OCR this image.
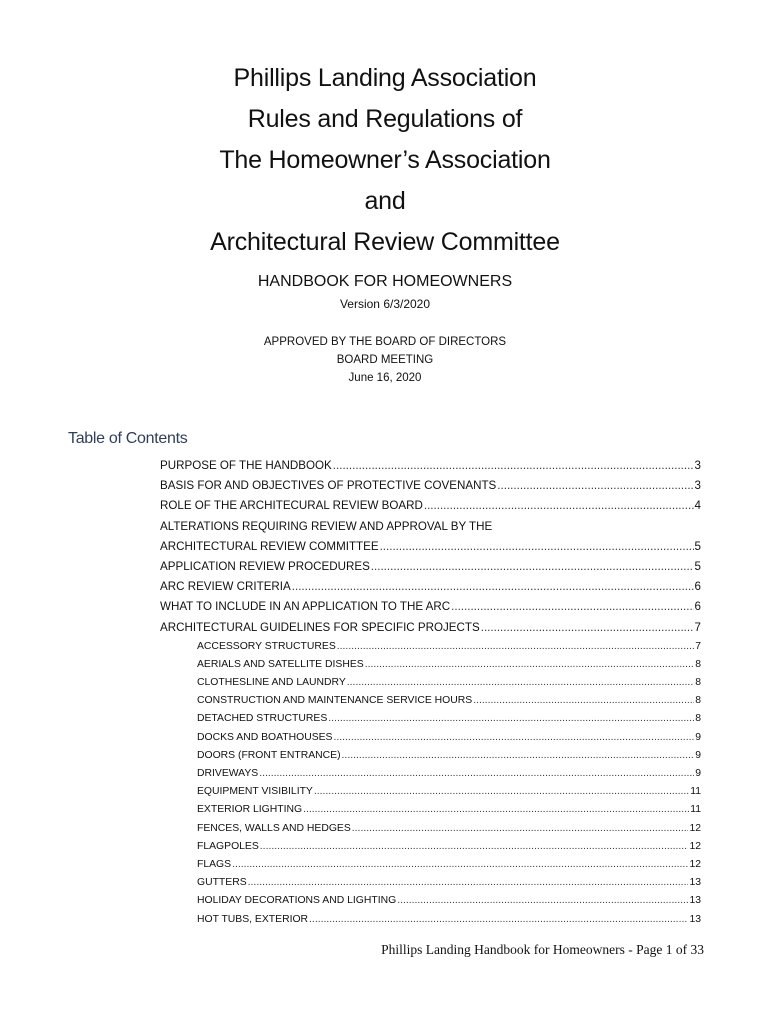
Phillips Landing Association
Rules and Regulations of
The Homeowner’s Association
and
Architectural Review Committee
HANDBOOK FOR HOMEOWNERS
Version 6/3/2020
APPROVED BY THE BOARD OF DIRECTORS
BOARD MEETING
June 16, 2020
Table of Contents
PURPOSE OF THE HANDBOOK .....	3
BASIS FOR AND OBJECTIVES OF PROTECTIVE COVENANTS .....	3
ROLE OF THE ARCHITECURAL REVIEW BOARD .....	4
ALTERATIONS REQUIRING REVIEW AND APPROVAL BY THE
ARCHITECTURAL REVIEW COMMITTEE .....	5
APPLICATION REVIEW PROCEDURES .....	5
ARC REVIEW CRITERIA .....	6
WHAT TO INCLUDE IN AN APPLICATION TO THE ARC .....	6
ARCHITECTURAL GUIDELINES FOR SPECIFIC PROJECTS .....	7
ACCESSORY STRUCTURES .....	7
AERIALS AND SATELLITE DISHES .....	8
CLOTHESLINE AND LAUNDRY .....	8
CONSTRUCTION AND MAINTENANCE SERVICE HOURS .....	8
DETACHED STRUCTURES .....	8
DOCKS AND BOATHOUSES .....	9
DOORS (FRONT ENTRANCE) .....	9
DRIVEWAYS .....	9
EQUIPMENT VISIBILITY .....	11
EXTERIOR LIGHTING .....	11
FENCES, WALLS AND HEDGES .....	12
FLAGPOLES .....	12
FLAGS .....	12
GUTTERS .....	13
HOLIDAY DECORATIONS AND LIGHTING .....	13
HOT TUBS, EXTERIOR .....	13
Phillips Landing Handbook for Homeowners - Page 1 of 33
